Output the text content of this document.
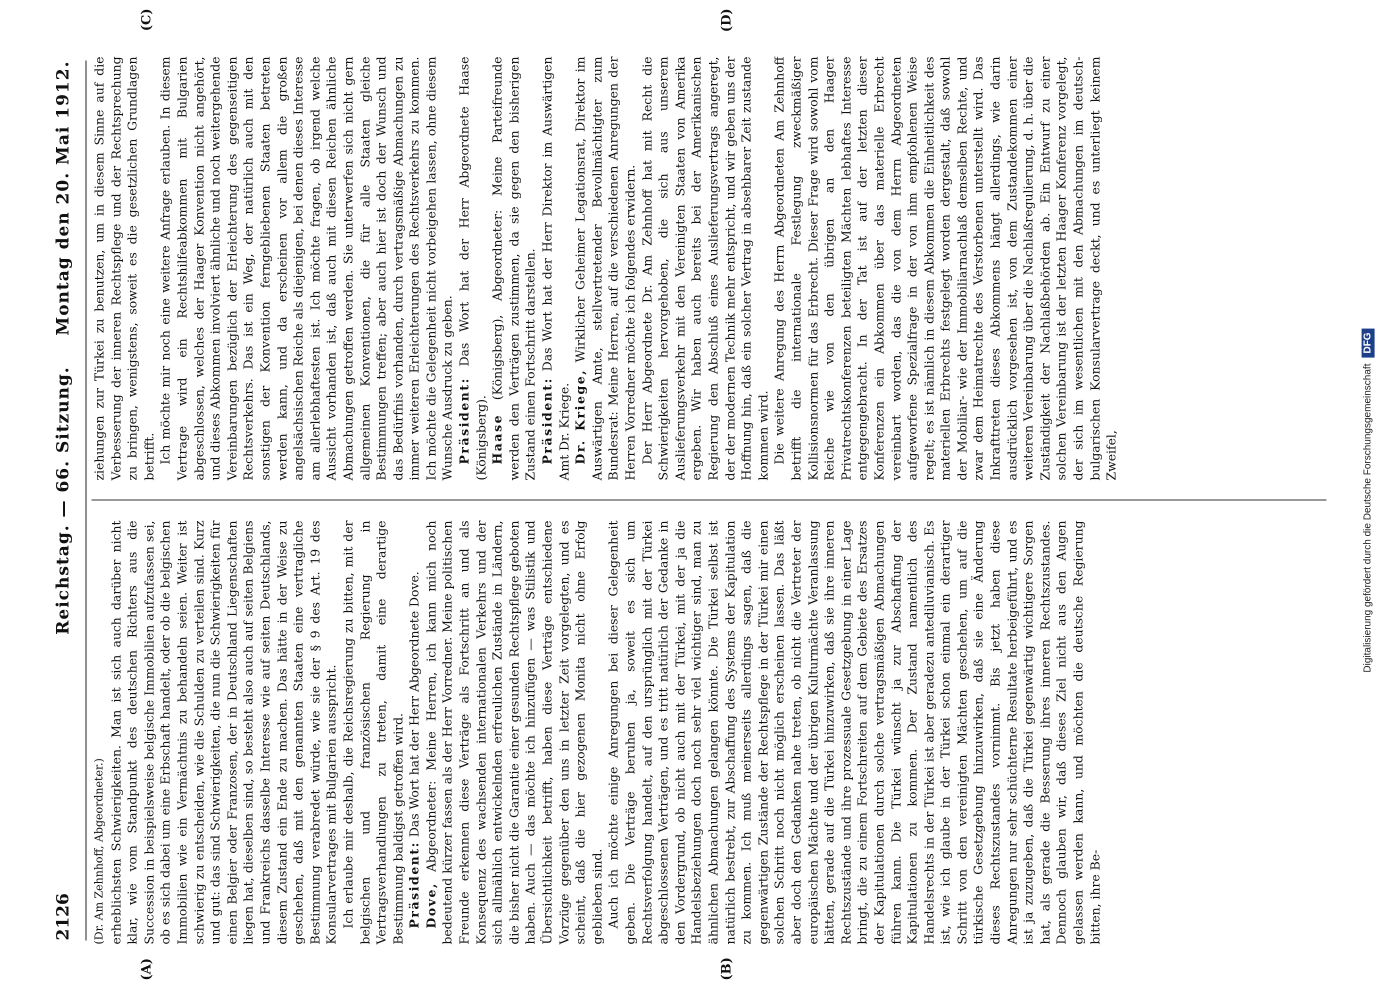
2126
Reichstag. — 66. Sitzung.
Montag den 20. Mai 1912.
(A)	(B)
(C)	(D)

(Dr. Am Zehnhoff, Abgeordneter.) erheblichsten Schwierigkeiten. Man ist sich auch darüber nicht klar, wie vom Standpunkt des deutschen Richters aus die Succession in beispielsweise belgische Immobilien aufzufassen sei, ob es sich dabei um eine Erbschaft handelt, oder ob die belgischen Immobilien wie ein Vermächtnis zu behandeln seien. Weiter ist schwierig zu entscheiden, wie die Schulden zu verteilen sind. Kurz und gut: das sind Schwierigkeiten, die nun die Schwierigkeiten für einen Belgier oder Franzosen, der in Deutschland Liegenschaften liegen hat, dieselben sind, so besteht also auch auf seiten Belgiens und Frankreichs dasselbe Interesse wie auf seiten Deutschlands, diesem Zustand ein Ende zu machen. Das hätte in der Weise zu geschehen, daß mit den genannten Staaten eine vertragliche Bestimmung verabredet würde, wie sie der § 9 des Art. 19 des Konsularvertrages mit Bulgarien ausspricht. Ich erlaube mir deshalb, die Reichsregierung zu bitten, mit der belgischen und französischen Regierung in Vertragsverhandlungen zu treten, damit eine derartige Bestimmung baldigst getroffen wird. Präsident: Das Wort hat der Herr Abgeordnete Dove.

Dove, Abgeordneter: Meine Herren, ich kann mich noch bedeutend kürzer fassen als der Herr Vorredner. Meine politischen Freunde erkennen diese Verträge als Fortschritt an und als Konsequenz des wachsenden internationalen Verkehrs und der sich allmählich entwickelnden erfreulichen Zustände in Ländern, die bisher nicht die Garantie einer gesunden Rechtspflege geboten haben. Auch — das möchte ich hinzufügen — was Stilistik und Übersichtlichkeit betrifft, haben diese Verträge entschiedene Vorzüge gegenüber den uns in letzter Zeit vorgelegten, und es scheint, daß die hier gezogenen Monita nicht ohne Erfolg geblieben sind. Auch ich möchte einige Anregungen bei dieser Gelegenheit geben. Die Verträge beruhen ja, soweit es sich um Rechtsverfolgung handelt, auf den ursprünglich mit der Türkei abgeschlossenen Verträgen, und es tritt natürlich der Gedanke in den Vordergrund, ob nicht auch mit der Türkei, mit der ja die Handelsbeziehungen doch noch sehr viel wichtiger sind, man zu ähnlichen Abmachungen gelangen könnte. Die Türkei selbst ist natürlich bestrebt, zur Abschaffung des Systems der Kapitulation zu kommen. Ich muß meinerseits allerdings sagen, daß die gegenwärtigen Zustände der Rechtspflege in der Türkei mir einen solchen Schritt noch nicht möglich erscheinen lassen. Das läßt aber doch den Gedanken nahe treten, ob nicht die Vertreter der europäischen Mächte und der übrigen Kulturmächte Veranlassung hätten, gerade auf die Türkei hinzuwirken, daß sie ihre inneren Rechtszustände und ihre prozessuale Gesetzgebung in einer Lage bringt, die zu einem Fortschreiten auf dem Gebiete des Ersatzes der Kapitulationen durch solche vertragsmäßigen Abmachungen führen kann. Die Türkei wünscht ja zur Abschaffung der Kapitulationen zu kommen. Der Zustand namentlich des Handelsrechts in der Türkei ist aber geradezu antediluvianisch. Es ist, wie ich glaube in der Türkei schon einmal ein derartiger Schritt von den vereinigten Mächten geschehen, um auf die türkische Gesetzgebung hinzuwirken, daß sie eine Änderung dieses Rechtszustandes vornimmt. Bis jetzt haben diese Anregungen nur sehr schüchterne Resultate herbeigeführt, und es ist ja zuzugeben, daß die Türkei gegenwärtig wichtigere Sorgen hat, als gerade die Besserung ihres inneren Rechtszustandes. Dennoch glauben wir, daß dieses Ziel nicht aus den Augen gelassen werden kann, und möchten die deutsche Regierung bitten, ihre Be-

ziehungen zur Türkei zu benutzen, um in diesem Sinne auf die Verbesserung der inneren Rechtspflege und der Rechtsprechung zu bringen, wenigstens, soweit es die gesetzlichen Grundlagen betrifft. Ich möchte mir noch eine weitere Anfrage erlauben. In diesem Vertrage wird ein Rechtshilfeabkommen mit Bulgarien abgeschlossen, welches der Haager Konvention nicht angehört, und dieses Abkommen involviert ähnliche und noch weitergehende Vereinbarungen bezüglich der Erleichterung des gegenseitigen Rechtsverkehrs. Das ist ein Weg, der natürlich auch mit den sonstigen der Konvention ferngebliebenen Staaten betreten werden kann, und da erscheinen vor allem die großen angelsächsischen Reiche als diejenigen, bei denen dieses Interesse am allerlebhaftesten ist. Ich möchte fragen, ob irgend welche Aussicht vorhanden ist, daß auch mit diesen Reichen ähnliche Abmachungen getroffen werden. Sie unterwerfen sich nicht gern allgemeinen Konventionen, die für alle Staaten gleiche Bestimmungen treffen; aber auch hier ist doch der Wunsch und das Bedürfnis vorhanden, durch vertragsmäßige Abmachungen zu immer weiteren Erleichterungen des Rechtsverkehrs zu kommen. Ich möchte die Gelegenheit nicht vorbeigehen lassen, ohne diesem Wunsche Ausdruck zu geben. Präsident: Das Wort hat der Herr Abgeordnete Haase (Königsberg). Haase (Königsberg), Abgeordneter: Meine Parteifreunde werden den Verträgen zustimmen, da sie gegen den bisherigen Zustand einen Fortschritt darstellen. Präsident: Das Wort hat der Herr Direktor im Auswärtigen Amt Dr. Kriege. Dr. Kriege, Wirklicher Geheimer Legationsrat, Direktor im Auswärtigen Amte, stellvertretender Bevollmächtigter zum Bundesrat: Meine Herren, auf die verschiedenen Anregungen der Herren Vorredner möchte ich folgendes erwidern. Der Herr Abgeordnete Dr. Am Zehnhoff hat mit Recht die Schwierigkeiten hervorgehoben, die sich aus unserem Auslieferungsverkehr mit den Vereinigten Staaten von Amerika ergeben. Wir haben auch bereits bei der Amerikanischen Regierung den Abschluß eines Auslieferungsvertrags angeregt, der der modernen Technik mehr entspricht, und wir geben uns der Hoffnung hin, daß ein solcher Vertrag in absehbarer Zeit zustande kommen wird. Die weitere Anregung des Herrn Abgeordneten Am Zehnhoff betrifft die internationale Festlegung zweckmäßiger Kollisionsnormen für das Erbrecht. Dieser Frage wird sowohl vom Reiche wie von den übrigen an den Haager Privatrechtskonferenzen beteiligten Mächten lebhaftes Interesse entgegengebracht. In der Tat ist auf der letzten dieser Konferenzen ein Abkommen über das materielle Erbrecht vereinbart worden, das die von dem Herrn Abgeordneten aufgeworfene Spezialfrage in der von ihm empfohlenen Weise regelt; es ist nämlich in diesem Abkommen die Einheitlichkeit des materiellen Erbrechts festgelegt worden dergestalt, daß sowohl der Mobiliar- wie der Immobiliarnachlaß demselben Rechte, und zwar dem Heimatrechte des Verstorbenen unterstellt wird. Das Inkrafttreten dieses Abkommens hängt allerdings, wie darin ausdrücklich vorgesehen ist, von dem Zustandekommen einer weiteren Vereinbarung über die Nachlaßregulierung, d. h. über die Zuständigkeit der Nachlaßbehörden ab. Ein Entwurf zu einer solchen Vereinbarung ist der letzten Haager Konferenz vorgelegt, der sich im wesentlichen mit den Abmachungen im deutsch-bulgarischen Konsularvertrage deckt, und es unterliegt keinem Zweifel,	Digitalisierung gefördert durch die Deutsche Forschungsgemeinschaft
DFG
